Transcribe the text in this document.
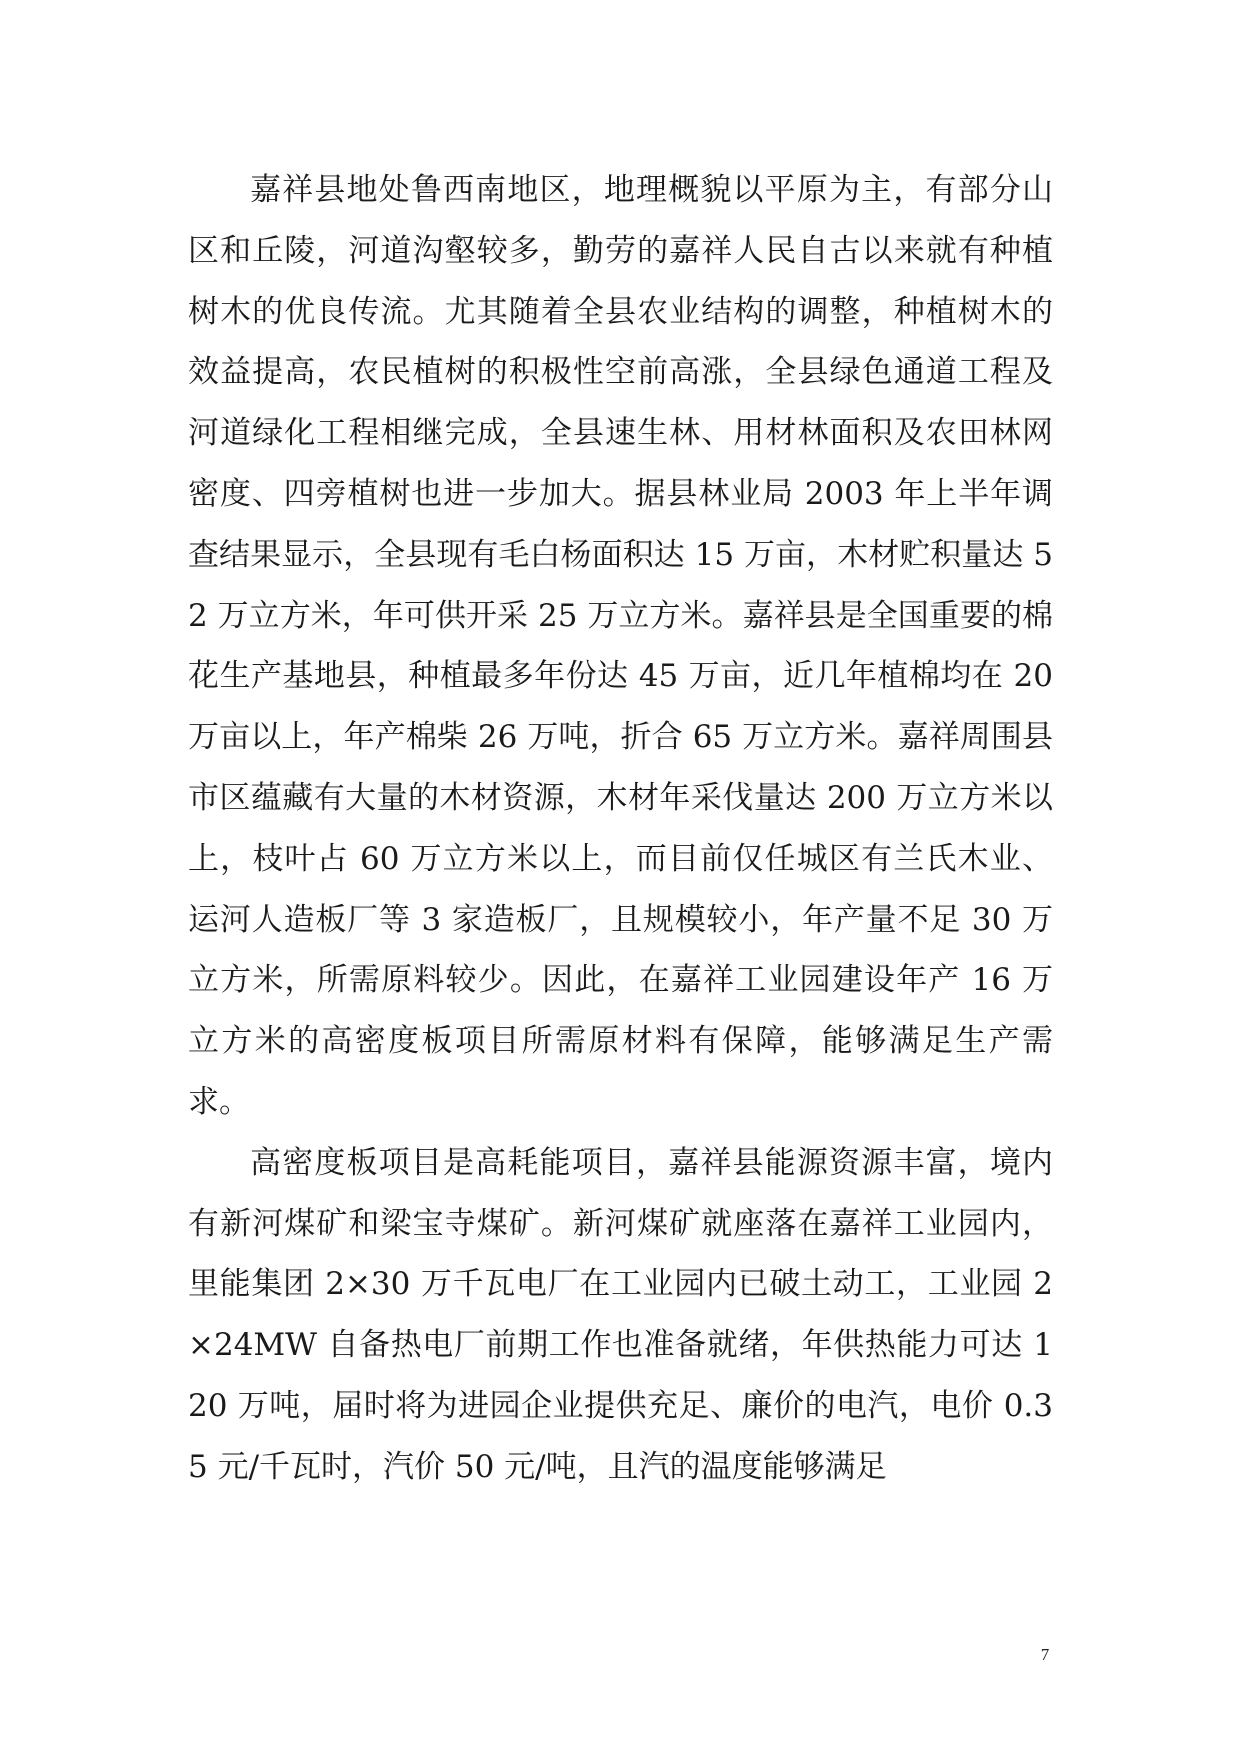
嘉祥县地处鲁西南地区，地理概貌以平原为主，有部分山区和丘陵，河道沟壑较多，勤劳的嘉祥人民自古以来就有种植树木的优良传流。尤其随着全县农业结构的调整，种植树木的效益提高，农民植树的积极性空前高涨，全县绿色通道工程及河道绿化工程相继完成，全县速生林、用材林面积及农田林网密度、四旁植树也进一步加大。据县林业局 2003 年上半年调查结果显示，全县现有毛白杨面积达 15 万亩，木材贮积量达 52 万立方米，年可供开采 25 万立方米。嘉祥县是全国重要的棉花生产基地县，种植最多年份达 45 万亩，近几年植棉均在 20 万亩以上，年产棉柴 26 万吨，折合 65 万立方米。嘉祥周围县市区蕴藏有大量的木材资源，木材年采伐量达 200 万立方米以上，枝叶占 60 万立方米以上，而目前仅任城区有兰氏木业、运河人造板厂等 3 家造板厂，且规模较小，年产量不足 30 万立方米，所需原料较少。因此，在嘉祥工业园建设年产 16 万立方米的高密度板项目所需原材料有保障，能够满足生产需求。

高密度板项目是高耗能项目，嘉祥县能源资源丰富，境内有新河煤矿和梁宝寺煤矿。新河煤矿就座落在嘉祥工业园内，里能集团 2×30 万千瓦电厂在工业园内已破土动工，工业园 2×24MW 自备热电厂前期工作也准备就绪，年供热能力可达 120 万吨，届时将为进园企业提供充足、廉价的电汽，电价 0.35 元/千瓦时，汽价 50 元/吨，且汽的温度能够满足

7
